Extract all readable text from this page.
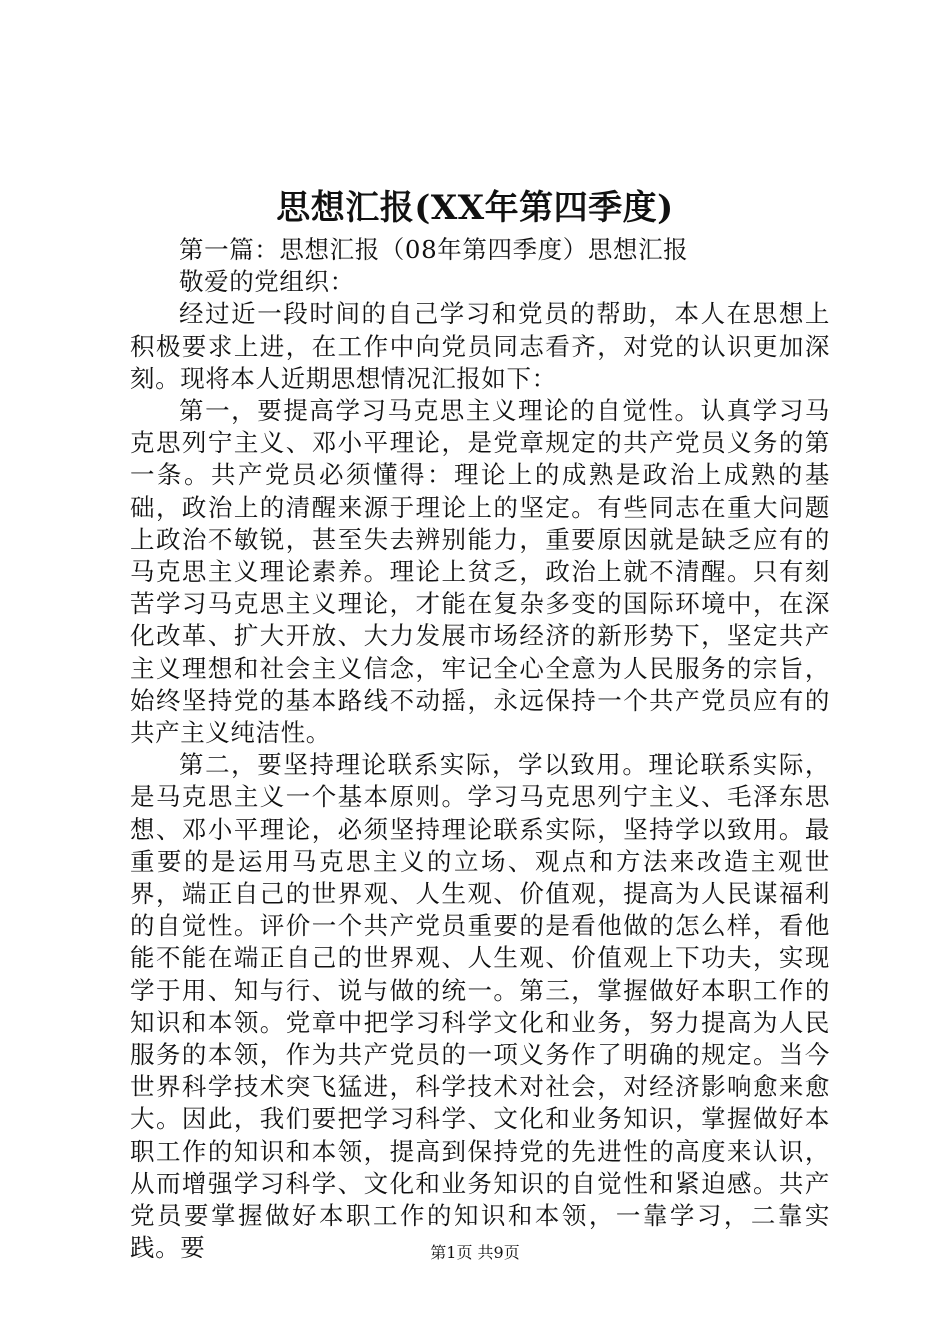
思想汇报(XX年第四季度)

第一篇：思想汇报（08年第四季度）思想汇报

敬爱的党组织：

经过近一段时间的自己学习和党员的帮助，本人在思想上积极要求上进，在工作中向党员同志看齐，对党的认识更加深刻。现将本人近期思想情况汇报如下：

第一，要提高学习马克思主义理论的自觉性。认真学习马克思列宁主义、邓小平理论，是党章规定的共产党员义务的第一条。共产党员必须懂得：理论上的成熟是政治上成熟的基础，政治上的清醒来源于理论上的坚定。有些同志在重大问题上政治不敏锐，甚至失去辨别能力，重要原因就是缺乏应有的马克思主义理论素养。理论上贫乏，政治上就不清醒。只有刻苦学习马克思主义理论，才能在复杂多变的国际环境中，在深化改革、扩大开放、大力发展市场经济的新形势下，坚定共产主义理想和社会主义信念，牢记全心全意为人民服务的宗旨，始终坚持党的基本路线不动摇，永远保持一个共产党员应有的共产主义纯洁性。

第二，要坚持理论联系实际，学以致用。理论联系实际，是马克思主义一个基本原则。学习马克思列宁主义、毛泽东思想、邓小平理论，必须坚持理论联系实际，坚持学以致用。最重要的是运用马克思主义的立场、观点和方法来改造主观世界，端正自己的世界观、人生观、价值观，提高为人民谋福利的自觉性。评价一个共产党员重要的是看他做的怎么样，看他能不能在端正自己的世界观、人生观、价值观上下功夫，实现学于用、知与行、说与做的统一。第三，掌握做好本职工作的知识和本领。党章中把学习科学文化和业务，努力提高为人民服务的本领，作为共产党员的一项义务作了明确的规定。当今世界科学技术突飞猛进，科学技术对社会，对经济影响愈来愈大。因此，我们要把学习科学、文化和业务知识，掌握做好本职工作的知识和本领，提高到保持党的先进性的高度来认识，从而增强学习科学、文化和业务知识的自觉性和紧迫感。共产党员要掌握做好本职工作的知识和本领，一靠学习，二靠实践。要	第1页 共9页
